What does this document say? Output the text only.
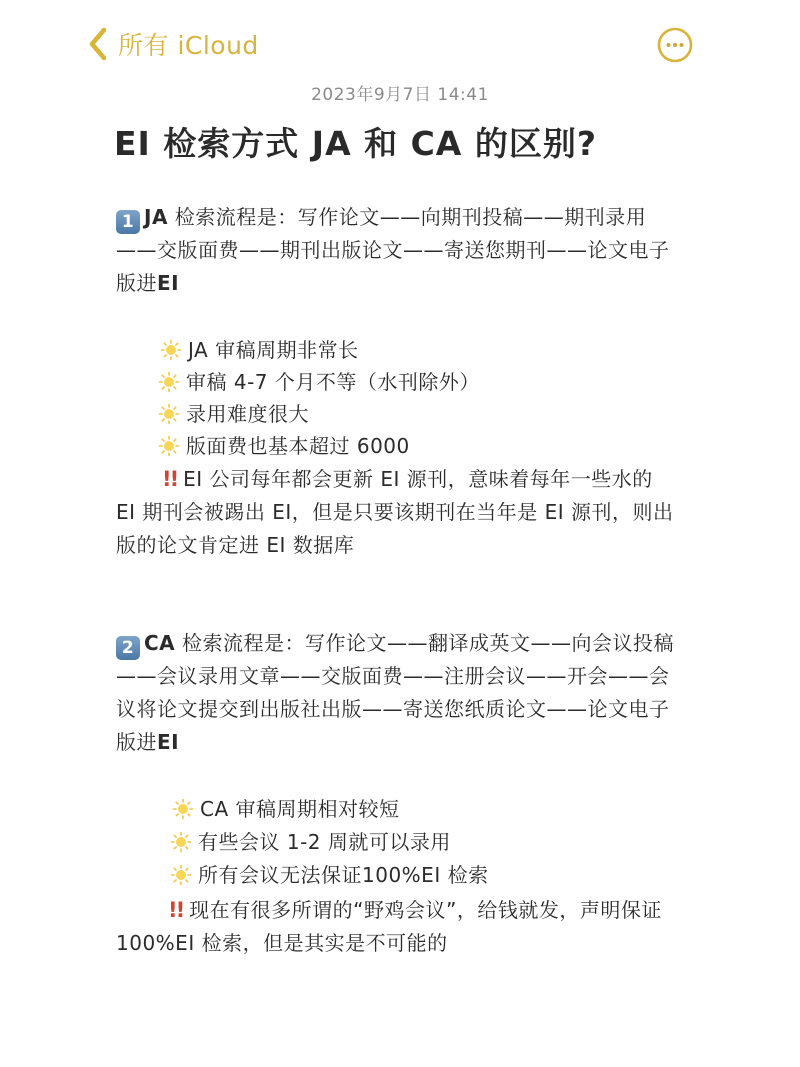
所有 iCloud
2023年9月7日 14:41
EI 检索方式 JA 和 CA 的区别?
1 JA 检索流程是：写作论文——向期刊投稿——期刊录用——交版面费——期刊出版论文——寄送您期刊——论文电子版进EI
JA 审稿周期非常长
审稿 4-7 个月不等（水刊除外）
录用难度很大
版面费也基本超过 6000
!! EI 公司每年都会更新 EI 源刊，意味着每年一些水的 EI 期刊会被踢出 EI，但是只要该期刊在当年是 EI 源刊，则出版的论文肯定进 EI 数据库
2 CA 检索流程是：写作论文——翻译成英文——向会议投稿——会议录用文章——交版面费——注册会议——开会——会议将论文提交到出版社出版——寄送您纸质论文——论文电子版进EI
CA 审稿周期相对较短
有些会议 1-2 周就可以录用
所有会议无法保证100%EI 检索
!! 现在有很多所谓的“野鸡会议”，给钱就发，声明保证100%EI 检索，但是其实是不可能的
